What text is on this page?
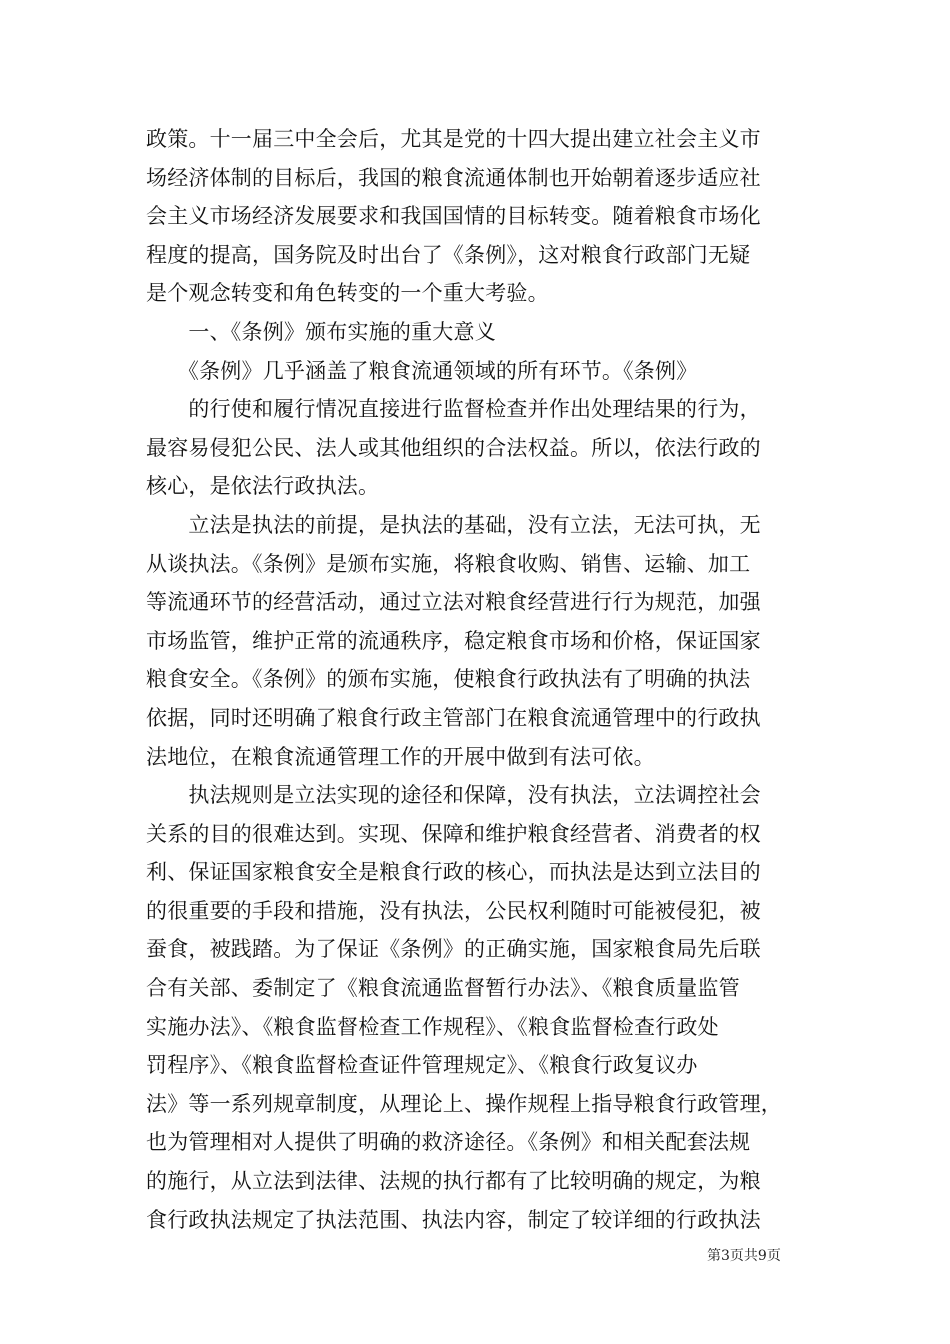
政策。十一届三中全会后，尤其是党的十四大提出建立社会主义市
场经济体制的目标后，我国的粮食流通体制也开始朝着逐步适应社
会主义市场经济发展要求和我国国情的目标转变。随着粮食市场化
程度的提高，国务院及时出台了《条例》，这对粮食行政部门无疑
是个观念转变和角色转变的一个重大考验。
　　一、《条例》颁布实施的重大意义
　　《条例》几乎涵盖了粮食流通领域的所有环节。《条例》
　　的行使和履行情况直接进行监督检查并作出处理结果的行为，
最容易侵犯公民、法人或其他组织的合法权益。所以，依法行政的
核心，是依法行政执法。
　　立法是执法的前提，是执法的基础，没有立法，无法可执，无
从谈执法。《条例》是颁布实施，将粮食收购、销售、运输、加工
等流通环节的经营活动，通过立法对粮食经营进行行为规范，加强
市场监管，维护正常的流通秩序，稳定粮食市场和价格，保证国家
粮食安全。《条例》的颁布实施，使粮食行政执法有了明确的执法
依据，同时还明确了粮食行政主管部门在粮食流通管理中的行政执
法地位，在粮食流通管理工作的开展中做到有法可依。
　　执法规则是立法实现的途径和保障，没有执法，立法调控社会
关系的目的很难达到。实现、保障和维护粮食经营者、消费者的权
利、保证国家粮食安全是粮食行政的核心，而执法是达到立法目的
的很重要的手段和措施，没有执法，公民权利随时可能被侵犯，被
蚕食，被践踏。为了保证《条例》的正确实施，国家粮食局先后联
合有关部、委制定了《粮食流通监督暂行办法》、《粮食质量监管
实施办法》、《粮食监督检查工作规程》、《粮食监督检查行政处
罚程序》、《粮食监督检查证件管理规定》、《粮食行政复议办
法》等一系列规章制度，从理论上、操作规程上指导粮食行政管理，
也为管理相对人提供了明确的救济途径。《条例》和相关配套法规
的施行，从立法到法律、法规的执行都有了比较明确的规定，为粮
食行政执法规定了执法范围、执法内容，制定了较详细的行政执法
第3页共9页
